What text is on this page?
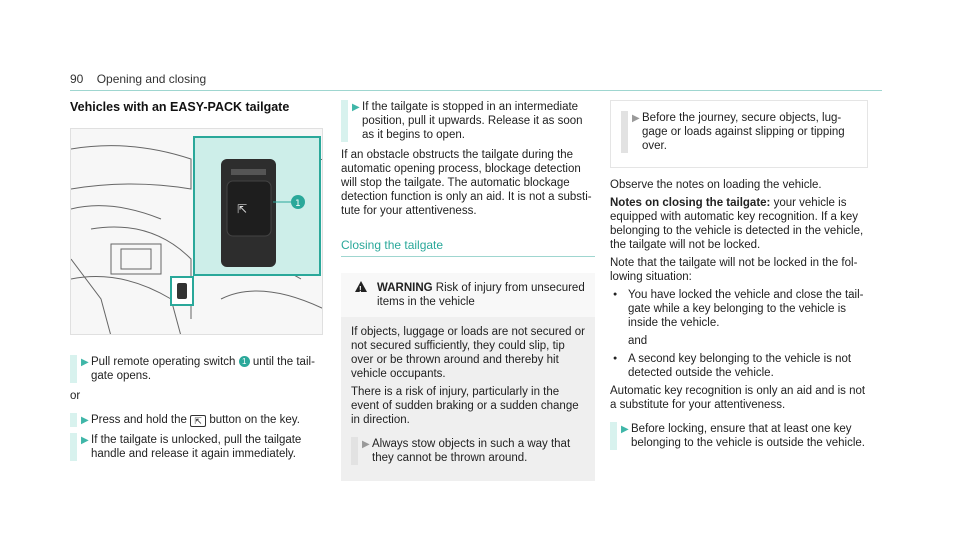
90 Opening and closing
Vehicles with an EASY-PACK tailgate
⇱	1
▶ Pull remote operating switch 1 until the tailgate opens.
or
▶ Press and hold the ⇱ button on the key.
▶ If the tailgate is unlocked, pull the tailgate handle and release it again immediately.
▶ If the tailgate is stopped in an intermediate position, pull it upwards. Release it as soon as it begins to open.

If an obstacle obstructs the tailgate during the automatic opening process, blockage detection will stop the tailgate. The automatic blockage detection function is only an aid. It is not a substitute for your attentiveness.

Closing the tailgate
!
WARNING Risk of injury from unsecured items in the vehicle

If objects, luggage or loads are not secured or not secured sufficiently, they could slip, tip over or be thrown around and thereby hit vehicle occupants.

There is a risk of injury, particularly in the event of sudden braking or a sudden change in direction.

▶ Always stow objects in such a way that they cannot be thrown around.
▶ Before the journey, secure objects, luggage or loads against slipping or tipping over.

Observe the notes on loading the vehicle.

Notes on closing the tailgate: your vehicle is equipped with automatic key recognition. If a key belonging to the vehicle is detected in the vehicle, the tailgate will not be locked.

Note that the tailgate will not be locked in the following situation:

● You have locked the vehicle and close the tailgate while a key belonging to the vehicle is inside the vehicle.
and
● A second key belonging to the vehicle is not detected outside the vehicle.

Automatic key recognition is only an aid and is not a substitute for your attentiveness.

▶ Before locking, ensure that at least one key belonging to the vehicle is outside the vehicle.
